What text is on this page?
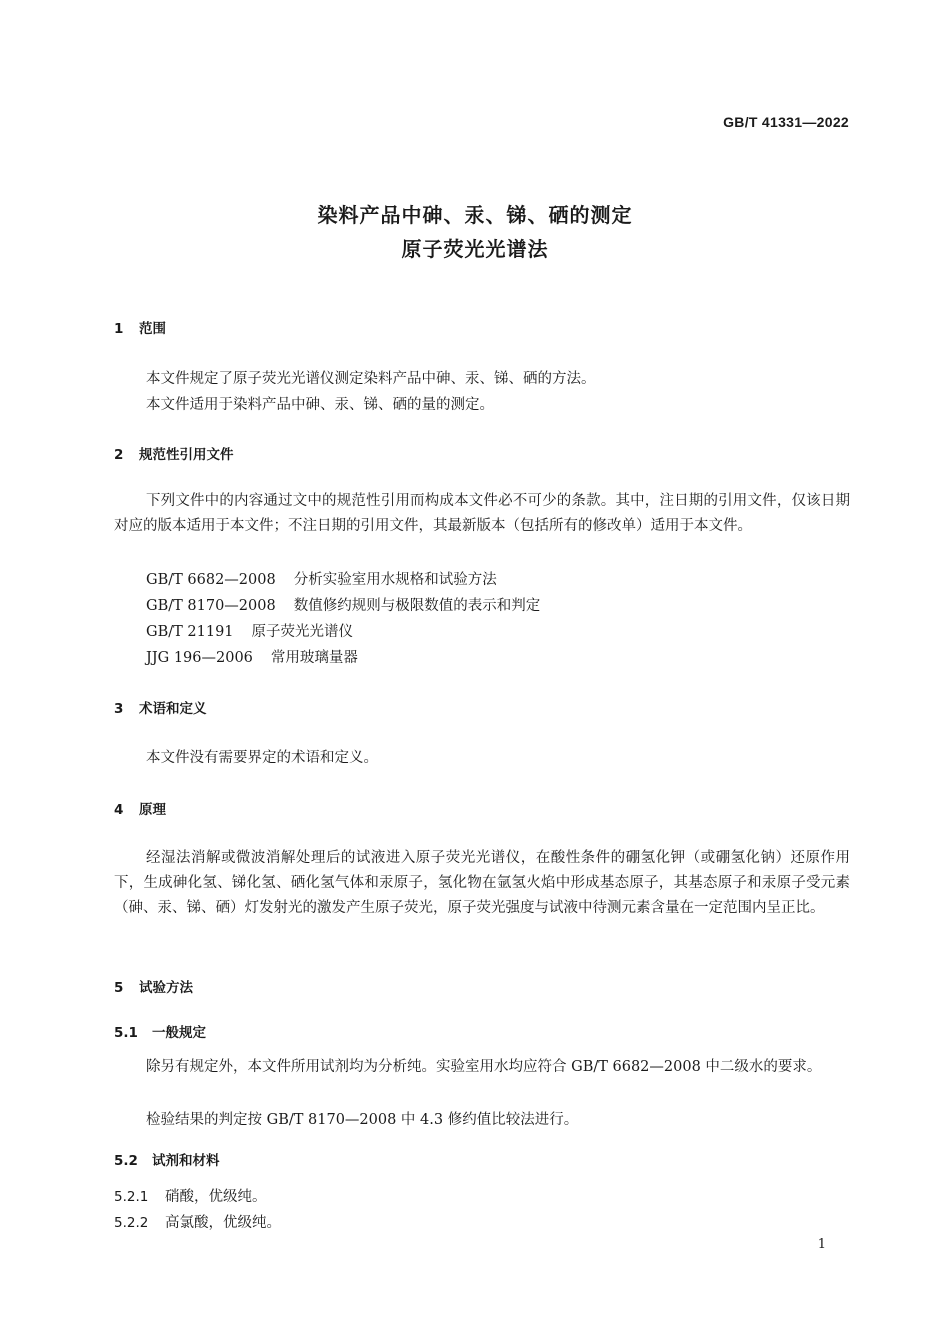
GB/T 41331—2022
染料产品中砷、汞、锑、硒的测定
原子荧光光谱法
1 范围
本文件规定了原子荧光光谱仪测定染料产品中砷、汞、锑、硒的方法。
本文件适用于染料产品中砷、汞、锑、硒的量的测定。
2 规范性引用文件

下列文件中的内容通过文中的规范性引用而构成本文件必不可少的条款。其中，注日期的引用文件，仅该日期对应的版本适用于本文件；不注日期的引用文件，其最新版本（包括所有的修改单）适用于本文件。

GB/T 6682—2008 分析实验室用水规格和试验方法
GB/T 8170—2008 数值修约规则与极限数值的表示和判定
GB/T 21191 原子荧光光谱仪
JJG 196—2006 常用玻璃量器
3 术语和定义
本文件没有需要界定的术语和定义。
4 原理

经湿法消解或微波消解处理后的试液进入原子荧光光谱仪，在酸性条件的硼氢化钾（或硼氢化钠）还原作用下，生成砷化氢、锑化氢、硒化氢气体和汞原子，氢化物在氩氢火焰中形成基态原子，其基态原子和汞原子受元素（砷、汞、锑、硒）灯发射光的激发产生原子荧光，原子荧光强度与试液中待测元素含量在一定范围内呈正比。

5 试验方法
5.1 一般规定

除另有规定外，本文件所用试剂均为分析纯。实验室用水均应符合 GB/T 6682—2008 中二级水的要求。

检验结果的判定按 GB/T 8170—2008 中 4.3 修约值比较法进行。
5.2 试剂和材料
5.2.1 硝酸，优级纯。
5.2.2 高氯酸，优级纯。
1
